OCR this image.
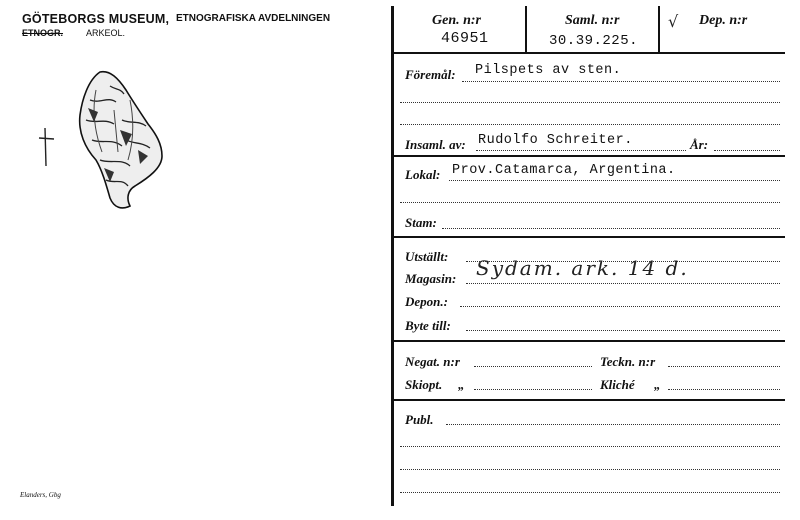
GÖTEBORGS MUSEUM, ETNOGRAFISKA AVDELNINGEN
ETNOGR.	ARKEOL.
Elanders, Gbg
Gen. n:r
46951
Saml. n:r
30.39.225.
√ Dep. n:r
Föremål: Pilspets av sten.
Insaml. av: Rudolfo Schreiter.	År:
Lokal: Prov.Catamarca, Argentina.
Stam:
Utställt:
Magasin: Sydam. ark. 14 d.
Depon.:
Byte till:
Negat. n:r	Teckn. n:r
Skiopt. „	Kliché „
Publ.
